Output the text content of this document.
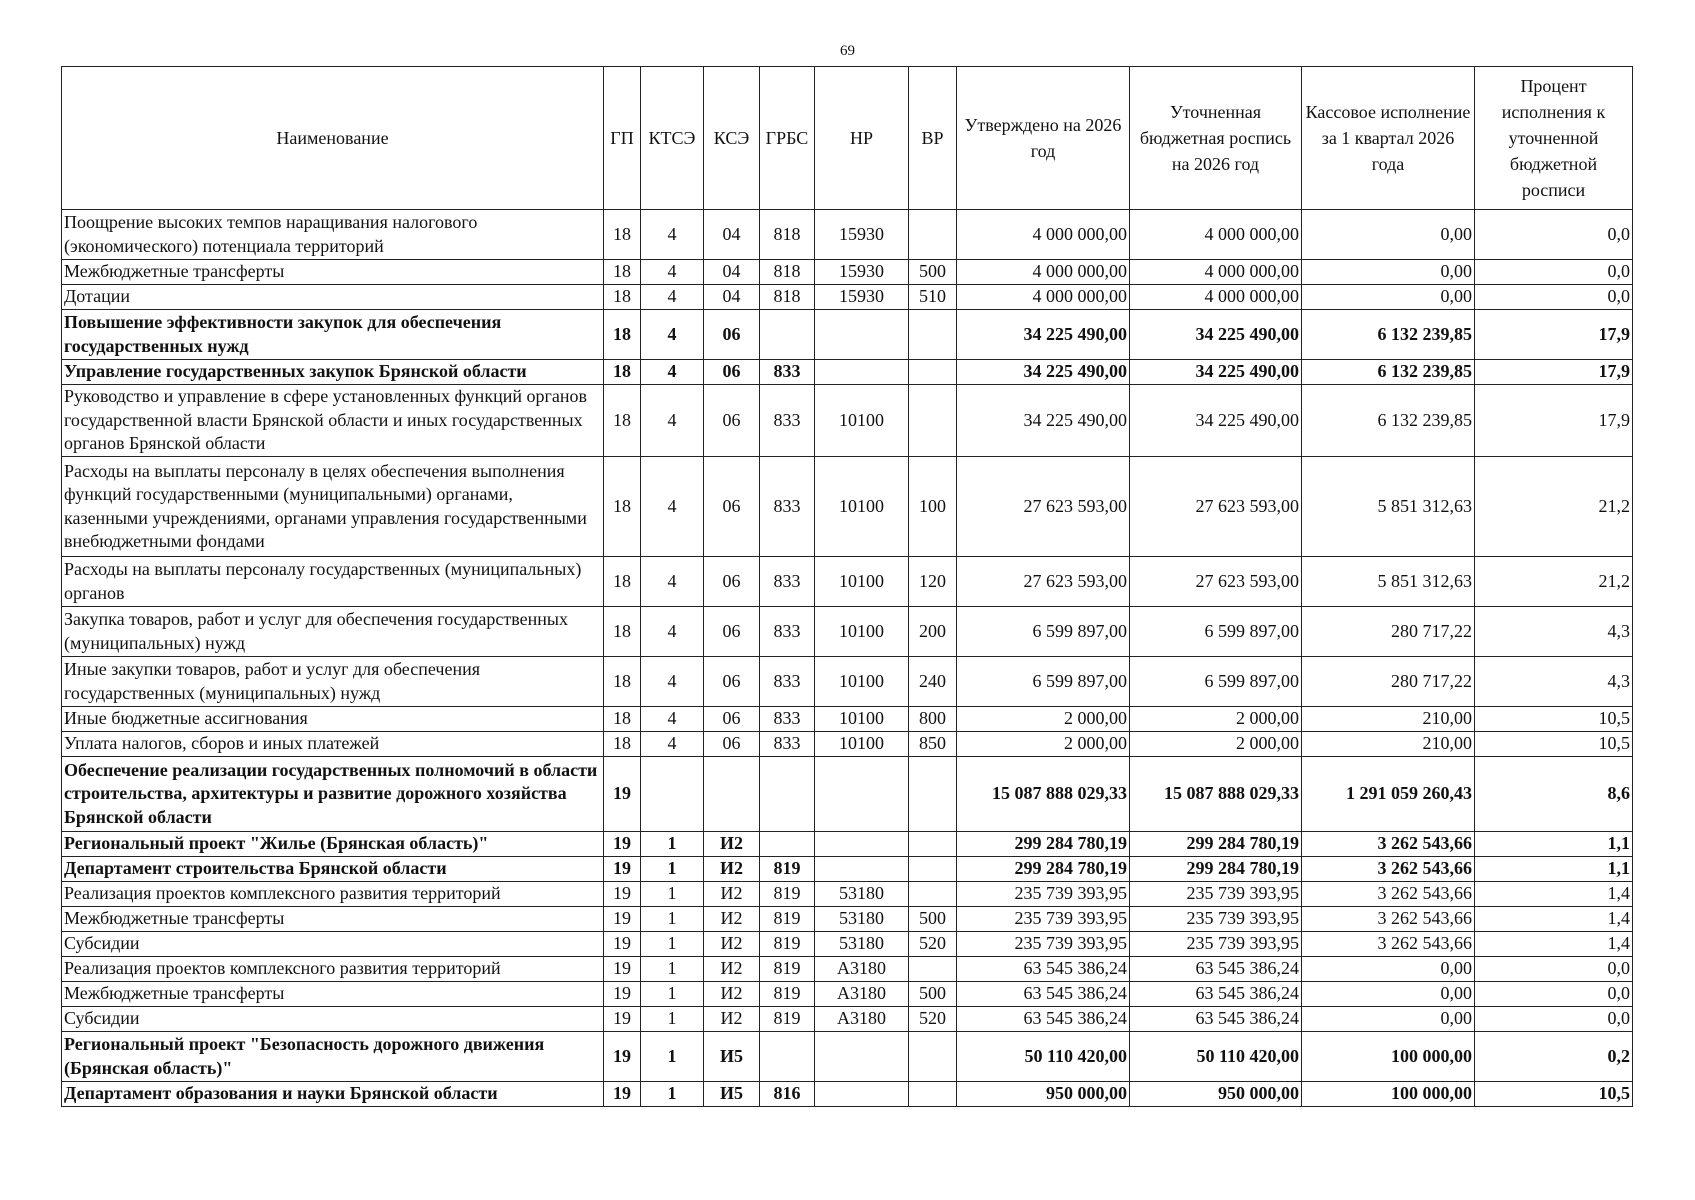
69
Наименование	ГП	КТСЭ	КСЭ	ГРБС	НР	ВР	Утверждено на 2026 год	Уточненная бюджетная роспись на 2026 год	Кассовое исполнение за 1 квартал 2026 года	Процент исполнения к уточненной бюджетной росписи
Поощрение высоких темпов наращивания налогового (экономического) потенциала территорий	18	4	04	818	15930		4 000 000,00	4 000 000,00	0,00	0,0
Межбюджетные трансферты	18	4	04	818	15930	500	4 000 000,00	4 000 000,00	0,00	0,0
Дотации	18	4	04	818	15930	510	4 000 000,00	4 000 000,00	0,00	0,0
Повышение эффективности закупок для обеспечения государственных нужд	18	4	06				34 225 490,00	34 225 490,00	6 132 239,85	17,9
Управление государственных закупок Брянской области	18	4	06	833			34 225 490,00	34 225 490,00	6 132 239,85	17,9
Руководство и управление в сфере установленных функций органов государственной власти Брянской области и иных государственных органов Брянской области	18	4	06	833	10100		34 225 490,00	34 225 490,00	6 132 239,85	17,9
Расходы на выплаты персоналу в целях обеспечения выполнения функций государственными (муниципальными) органами, казенными учреждениями, органами управления государственными внебюджетными фондами	18	4	06	833	10100	100	27 623 593,00	27 623 593,00	5 851 312,63	21,2
Расходы на выплаты персоналу государственных (муниципальных) органов	18	4	06	833	10100	120	27 623 593,00	27 623 593,00	5 851 312,63	21,2
Закупка товаров, работ и услуг для обеспечения государственных (муниципальных) нужд	18	4	06	833	10100	200	6 599 897,00	6 599 897,00	280 717,22	4,3
Иные закупки товаров, работ и услуг для обеспечения государственных (муниципальных) нужд	18	4	06	833	10100	240	6 599 897,00	6 599 897,00	280 717,22	4,3
Иные бюджетные ассигнования	18	4	06	833	10100	800	2 000,00	2 000,00	210,00	10,5
Уплата налогов, сборов и иных платежей	18	4	06	833	10100	850	2 000,00	2 000,00	210,00	10,5
Обеспечение реализации государственных полномочий в области строительства, архитектуры и развитие дорожного хозяйства Брянской области	19						15 087 888 029,33	15 087 888 029,33	1 291 059 260,43	8,6
Региональный проект "Жилье (Брянская область)"	19	1	И2				299 284 780,19	299 284 780,19	3 262 543,66	1,1
Департамент строительства Брянской области	19	1	И2	819			299 284 780,19	299 284 780,19	3 262 543,66	1,1
Реализация проектов комплексного развития территорий	19	1	И2	819	53180		235 739 393,95	235 739 393,95	3 262 543,66	1,4
Межбюджетные трансферты	19	1	И2	819	53180	500	235 739 393,95	235 739 393,95	3 262 543,66	1,4
Субсидии	19	1	И2	819	53180	520	235 739 393,95	235 739 393,95	3 262 543,66	1,4
Реализация проектов комплексного развития территорий	19	1	И2	819	А3180		63 545 386,24	63 545 386,24	0,00	0,0
Межбюджетные трансферты	19	1	И2	819	А3180	500	63 545 386,24	63 545 386,24	0,00	0,0
Субсидии	19	1	И2	819	А3180	520	63 545 386,24	63 545 386,24	0,00	0,0
Региональный проект "Безопасность дорожного движения (Брянская область)"	19	1	И5				50 110 420,00	50 110 420,00	100 000,00	0,2
Департамент образования и науки Брянской области	19	1	И5	816			950 000,00	950 000,00	100 000,00	10,5
